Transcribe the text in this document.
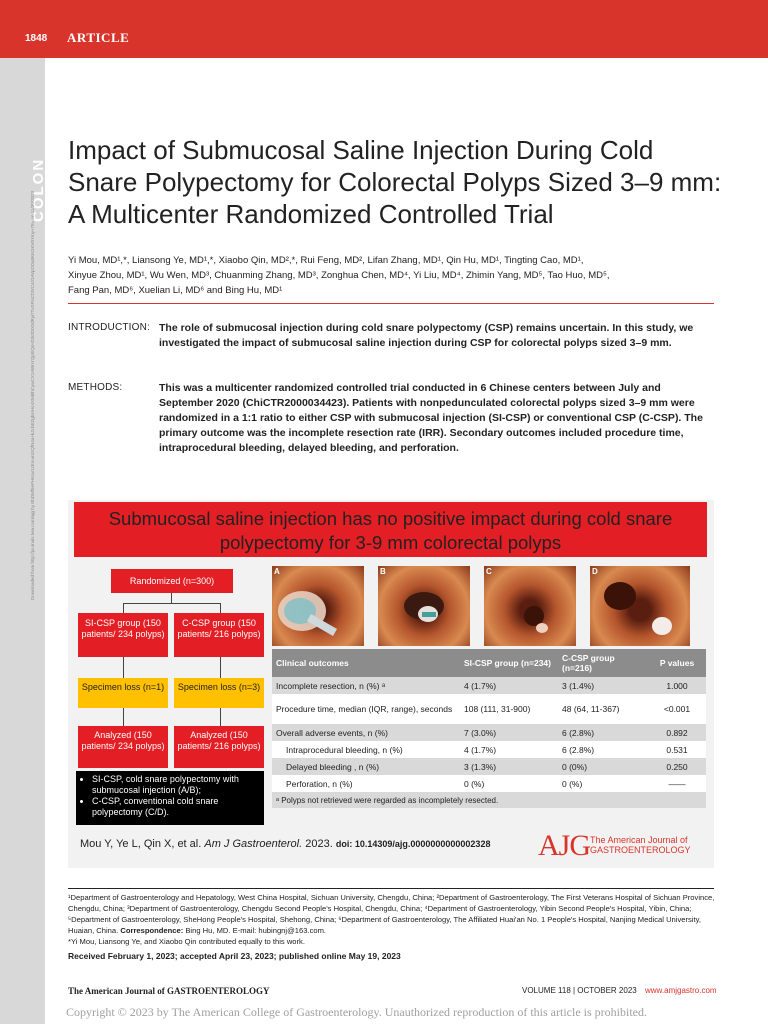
1848 ARTICLE
COLON
Downloaded from http://journals.lww.com/ajg by BhDMf5ePHKav1zEoum1tQfN4a+kJLhEZgbsIHo4XMi0hCywCX1AWnYQp/IlQrHD3i3D0OdRyi7TvSFl4Cf3VC4/OAVpDDa8KKGKV0Ymy+78= on 11/30/2023
Impact of Submucosal Saline Injection During Cold Snare Polypectomy for Colorectal Polyps Sized 3–9 mm: A Multicenter Randomized Controlled Trial
Yi Mou, MD¹,*, Liansong Ye, MD¹,*, Xiaobo Qin, MD²,*, Rui Feng, MD², Lifan Zhang, MD¹, Qin Hu, MD¹, Tingting Cao, MD¹,
Xinyue Zhou, MD¹, Wu Wen, MD³, Chuanming Zhang, MD³, Zonghua Chen, MD⁴, Yi Liu, MD⁴, Zhimin Yang, MD⁵, Tao Huo, MD⁵,
Fang Pan, MD⁶, Xuelian Li, MD⁶ and Bing Hu, MD¹
INTRODUCTION: The role of submucosal injection during cold snare polypectomy (CSP) remains uncertain. In this study, we investigated the impact of submucosal saline injection during CSP for colorectal polyps sized 3–9 mm.
METHODS:	This was a multicenter randomized controlled trial conducted in 6 Chinese centers between July and September 2020 (ChiCTR2000034423). Patients with nonpedunculated colorectal polyps sized 3–9 mm were randomized in a 1:1 ratio to either CSP with submucosal injection (SI-CSP) or conventional CSP (C-CSP). The primary outcome was the incomplete resection rate (IRR). Secondary outcomes included procedure time, intraprocedural bleeding, delayed bleeding, and perforation.
Submucosal saline injection has no positive impact during cold snare polypectomy for 3-9 mm colorectal polyps
Randomized (n=300)
SI-CSP group (150 patients/ 234 polyps)
C-CSP group (150 patients/ 216 polyps)
Specimen loss (n=1)	Specimen loss (n=3)
Analyzed (150 patients/ 234 polyps)
Analyzed (150 patients/ 216 polyps)
• SI-CSP, cold snare polypectomy with submucosal injection (A/B);
• C-CSP, conventional cold snare polypectomy (C/D).
A	B	C	D
Clinical outcomes	SI-CSP group (n=234)	C-CSP group (n=216)	P values
Incomplete resection, n (%) ᵃ	4 (1.7%)	3 (1.4%)	1.000
Procedure time, median (IQR, range), seconds	108 (111, 31-900)	48 (64, 11-367)	<0.001
Overall adverse events, n (%)	7 (3.0%)	6 (2.8%)	0.892
Intraprocedural bleeding, n (%)	4 (1.7%)	6 (2.8%)	0.531
Delayed bleeding , n (%)	3 (1.3%)	0 (0%)	0.250
Perforation, n (%)	0 (%)	0 (%)	——
ᵃ Polyps not retrieved were regarded as incompletely resected.			
Mou Y, Ye L, Qin X, et al. Am J Gastroenterol. 2023. doi: 10.14309/ajg.0000000000002328 AJG The American Journal of GASTROENTEROLOGY
¹Department of Gastroenterology and Hepatology, West China Hospital, Sichuan University, Chengdu, China; ²Department of Gastroenterology, The First Veterans Hospital of Sichuan Province, Chengdu, China; ³Department of Gastroenterology, Chengdu Second People's Hospital, Chengdu, China; ⁴Department of Gastroenterology, Yibin Second People's Hospital, Yibin, China; ⁵Department of Gastroenterology, SheHong People's Hospital, Shehong, China; ⁶Department of Gastroenterology, The Affiliated Huai'an No. 1 People's Hospital, Nanjing Medical University, Huaian, China. Correspondence: Bing Hu, MD. E-mail: hubingnj@163.com.
*Yi Mou, Liansong Ye, and Xiaobo Qin contributed equally to this work.
Received February 1, 2023; accepted April 23, 2023; published online May 19, 2023
The American Journal of GASTROENTEROLOGY	VOLUME 118 | OCTOBER 2023 www.amjgastro.com
Copyright © 2023 by The American College of Gastroenterology. Unauthorized reproduction of this article is prohibited.
